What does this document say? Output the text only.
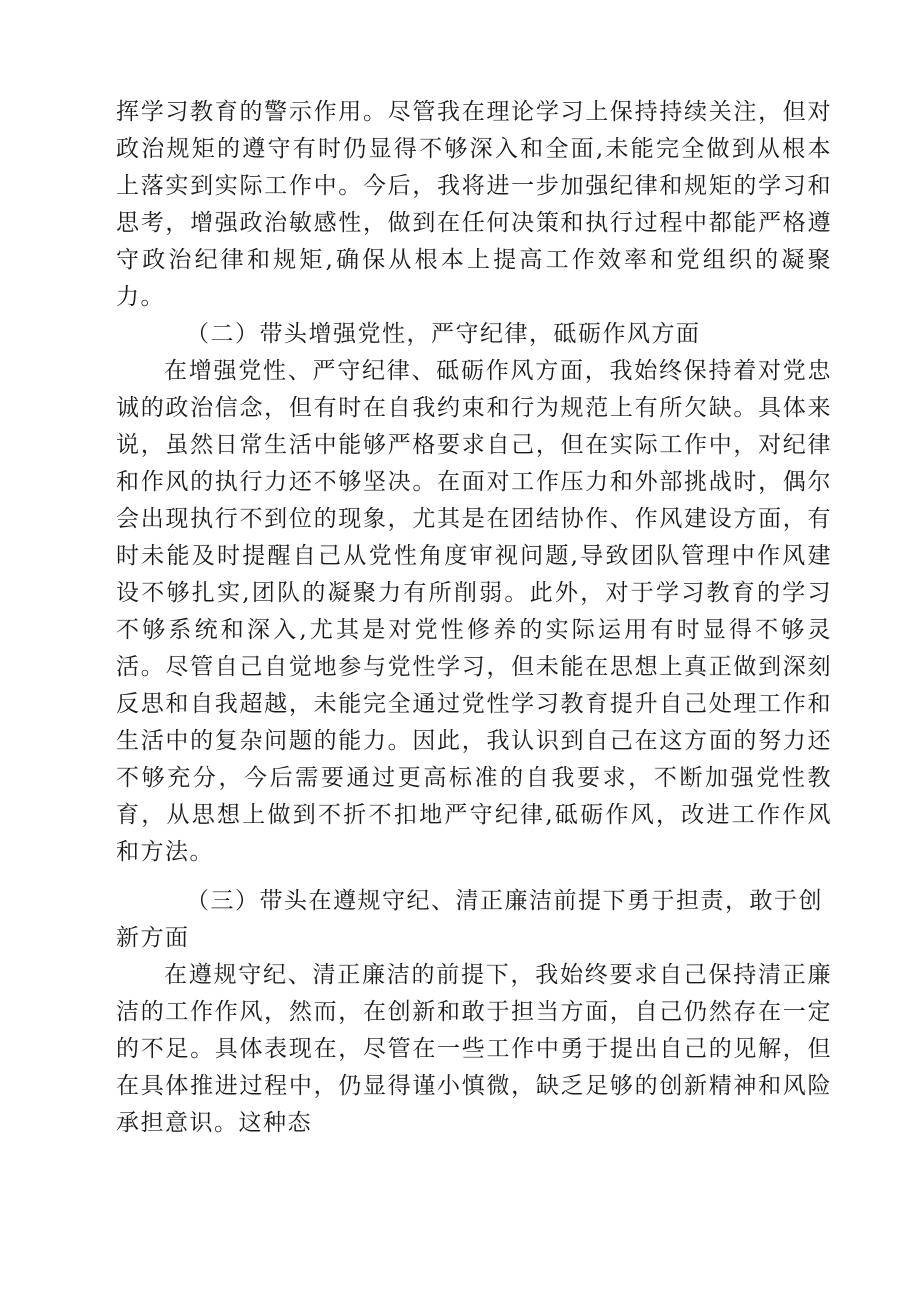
挥学习教育的警示作用。尽管我在理论学习上保持持续关注，但对政治规矩的遵守有时仍显得不够深入和全面,未能完全做到从根本上落实到实际工作中。今后，我将进一步加强纪律和规矩的学习和思考，增强政治敏感性，做到在任何决策和执行过程中都能严格遵守政治纪律和规矩,确保从根本上提高工作效率和党组织的凝聚力。

（二）带头增强党性，严守纪律，砥砺作风方面

在增强党性、严守纪律、砥砺作风方面，我始终保持着对党忠诚的政治信念，但有时在自我约束和行为规范上有所欠缺。具体来说，虽然日常生活中能够严格要求自己，但在实际工作中，对纪律和作风的执行力还不够坚决。在面对工作压力和外部挑战时，偶尔会出现执行不到位的现象，尤其是在团结协作、作风建设方面，有时未能及时提醒自己从党性角度审视问题,导致团队管理中作风建设不够扎实,团队的凝聚力有所削弱。此外，对于学习教育的学习不够系统和深入,尤其是对党性修养的实际运用有时显得不够灵活。尽管自己自觉地参与党性学习，但未能在思想上真正做到深刻反思和自我超越，未能完全通过党性学习教育提升自己处理工作和生活中的复杂问题的能力。因此，我认识到自己在这方面的努力还不够充分，今后需要通过更高标准的自我要求，不断加强党性教育，从思想上做到不折不扣地严守纪律,砥砺作风，改进工作作风和方法。

（三）带头在遵规守纪、清正廉洁前提下勇于担责，敢于创新方面

在遵规守纪、清正廉洁的前提下，我始终要求自己保持清正廉洁的工作作风，然而，在创新和敢于担当方面，自己仍然存在一定的不足。具体表现在，尽管在一些工作中勇于提出自己的见解，但在具体推进过程中，仍显得谨小慎微，缺乏足够的创新精神和风险承担意识。这种态
